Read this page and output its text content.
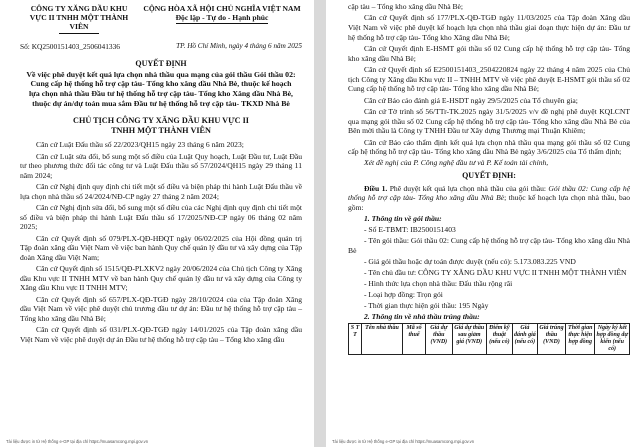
CÔNG TY XĂNG DẦU KHU
VỰC II TNHH MỘT THÀNH
VIÊN
CỘNG HÒA XÃ HỘI CHỦ NGHĨA VIỆT NAM
Độc lập - Tự do - Hạnh phúc
Số: KQ2500151403_2506041336	TP. Hồ Chí Minh, ngày 4 tháng 6 năm 2025
QUYẾT ĐỊNH
Về việc phê duyệt kết quả lựa chọn nhà thầu qua mạng của gói thầu Gói thầu 02: Cung cấp hệ thống hỗ trợ cập tàu- Tổng kho xăng dầu Nhà Bè, thuộc kế hoạch lựa chọn nhà thầu Đầu tư hệ thống hỗ trợ cập tàu- Tổng kho Xăng dầu Nhà Bè, thuộc dự án/dự toán mua sắm Đầu tư hệ thống hỗ trợ cập tàu- TKXD Nhà Bè
CHỦ TỊCH CÔNG TY XĂNG DẦU KHU VỰC II
TNHH MỘT THÀNH VIÊN

Căn cứ Luật Đấu thầu số 22/2023/QH15 ngày 23 tháng 6 năm 2023;

Căn cứ Luật sửa đổi, bổ sung một số điều của Luật Quy hoạch, Luật Đầu tư, Luật Đầu tư theo phương thức đối tác công tư và Luật Đấu thầu số 57/2024/QH15 ngày 29 tháng 11 năm 2024;

Căn cứ Nghị định quy định chi tiết một số điều và biện pháp thi hành Luật Đấu thầu về lựa chọn nhà thầu số 24/2024/NĐ-CP ngày 27 tháng 2 năm 2024;

Căn cứ Nghị định sửa đổi, bổ sung một số điều của các Nghị định quy định chi tiết một số điều và biện pháp thi hành Luật Đấu thầu số 17/2025/NĐ-CP ngày 06 tháng 02 năm 2025;

Căn cứ Quyết định số 079/PLX-QĐ-HĐQT ngày 06/02/2025 của Hội đồng quản trị Tập đoàn xăng dầu Việt Nam về việc ban hành Quy chế quản lý đầu tư và xây dựng của Tập đoàn Xăng dầu Việt Nam;

Căn cứ Quyết định số 1515/QĐ-PLXKV2 ngày 20/06/2024 của Chủ tịch Công ty Xăng dầu Khu vực II TNHH MTV về ban hành Quy chế quản lý đầu tư và xây dựng của Công ty Xăng dầu Khu vực II TNHH MTV;

Căn cứ Quyết định số 657/PLX-QĐ-TGĐ ngày 28/10/2024 của của Tập đoàn Xăng dầu Việt Nam về việc phê duyệt chủ trương đầu tư dự án: Đầu tư hệ thống hỗ trợ cập tàu – Tổng kho xăng dầu Nhà Bè;

Căn cứ Quyết định số 031/PLX-QĐ-TGĐ ngày 14/01/2025 của Tập đoàn xăng dầu Việt Nam về việc phê duyệt dự án Đầu tư hệ thống hỗ trợ cập tàu – Tổng kho xăng dầu

Tài liệu được in từ Hệ thống e-GP tại địa chỉ https://muasamcong.mpi.gov.vn

cập tàu – Tổng kho xăng dầu Nhà Bè;

Căn cứ Quyết định số 177/PLX-QĐ-TGĐ ngày 11/03/2025 của Tập đoàn Xăng dầu Việt Nam về việc phê duyệt kế hoạch lựa chọn nhà thầu giai đoạn thực hiện dự án: Đầu tư hệ thống hỗ trợ cập tàu- Tổng kho Xăng dầu Nhà Bè;

Căn cứ Quyết định E-HSMT gói thầu số 02 Cung cấp hệ thống hỗ trợ cập tàu- Tổng kho xăng dầu Nhà Bè;

Căn cứ Quyết định số E2500151403_2504220824 ngày 22 tháng 4 năm 2025 của Chủ tịch Công ty Xăng dầu Khu vực II – TNHH MTV về việc phê duyệt E-HSMT gói thầu số 02 Cung cấp hệ thống hỗ trợ cập tàu- Tổng kho xăng dầu Nhà Bè;

Căn cứ Báo cáo đánh giá E-HSDT ngày 29/5/2025 của Tổ chuyên gia;

Căn cứ Tờ trình số 56/TTr-TK.2025 ngày 31/5/2025 v/v đề nghị phê duyệt KQLCNT qua mạng gói thầu số 02 Cung cấp hệ thống hỗ trợ cập tàu- Tổng kho xăng dầu Nhà Bè của Bên mời thầu là Công ty TNHH Đầu tư Xây dựng Thương mại Thuận Khiêm;

Căn cứ Báo cáo thẩm định kết quả lựa chọn nhà thầu qua mạng gói thầu số 02 Cung cấp hệ thống hỗ trợ cập tàu- Tổng kho xăng dầu Nhà Bè ngày 3/6/2025 của Tổ thẩm định;

Xét đề nghị của P. Công nghệ đầu tư và P. Kế toán tài chính,

QUYẾT ĐỊNH:

Điều 1. Phê duyệt kết quả lựa chọn nhà thầu của gói thầu: Gói thầu 02: Cung cấp hệ thống hỗ trợ cập tàu- Tổng kho xăng dầu Nhà Bè; thuộc kế hoạch lựa chọn nhà thầu, bao gồm:

1. Thông tin về gói thầu:

- Số E-TBMT: IB2500151403

- Tên gói thầu: Gói thầu 02: Cung cấp hệ thống hỗ trợ cập tàu- Tổng kho xăng dầu Nhà Bè

- Giá gói thầu hoặc dự toán được duyệt (nếu có): 5.173.083.225 VND

- Tên chủ đầu tư: CÔNG TY XĂNG DẦU KHU VỰC II TNHH MỘT THÀNH VIÊN

- Hình thức lựa chọn nhà thầu: Đấu thầu rộng rãi

- Loại hợp đồng: Trọn gói

- Thời gian thực hiện gói thầu: 195 Ngày

2. Thông tin về nhà thầu trúng thầu:

S T T	Tên nhà thầu	Mã số thuế	Giá dự thầu (VND)	Giá dự thầu sau giảm giá (VND)	Điểm kỹ thuật (nếu có)	Giá đánh giá (nếu có)	Giá trúng thầu (VND)	Thời gian thực hiện hợp đồng	Ngày ký kết hợp đồng dự kiến (nếu có)
Tài liệu được in từ Hệ thống e-GP tại địa chỉ https://muasamcong.mpi.gov.vn
